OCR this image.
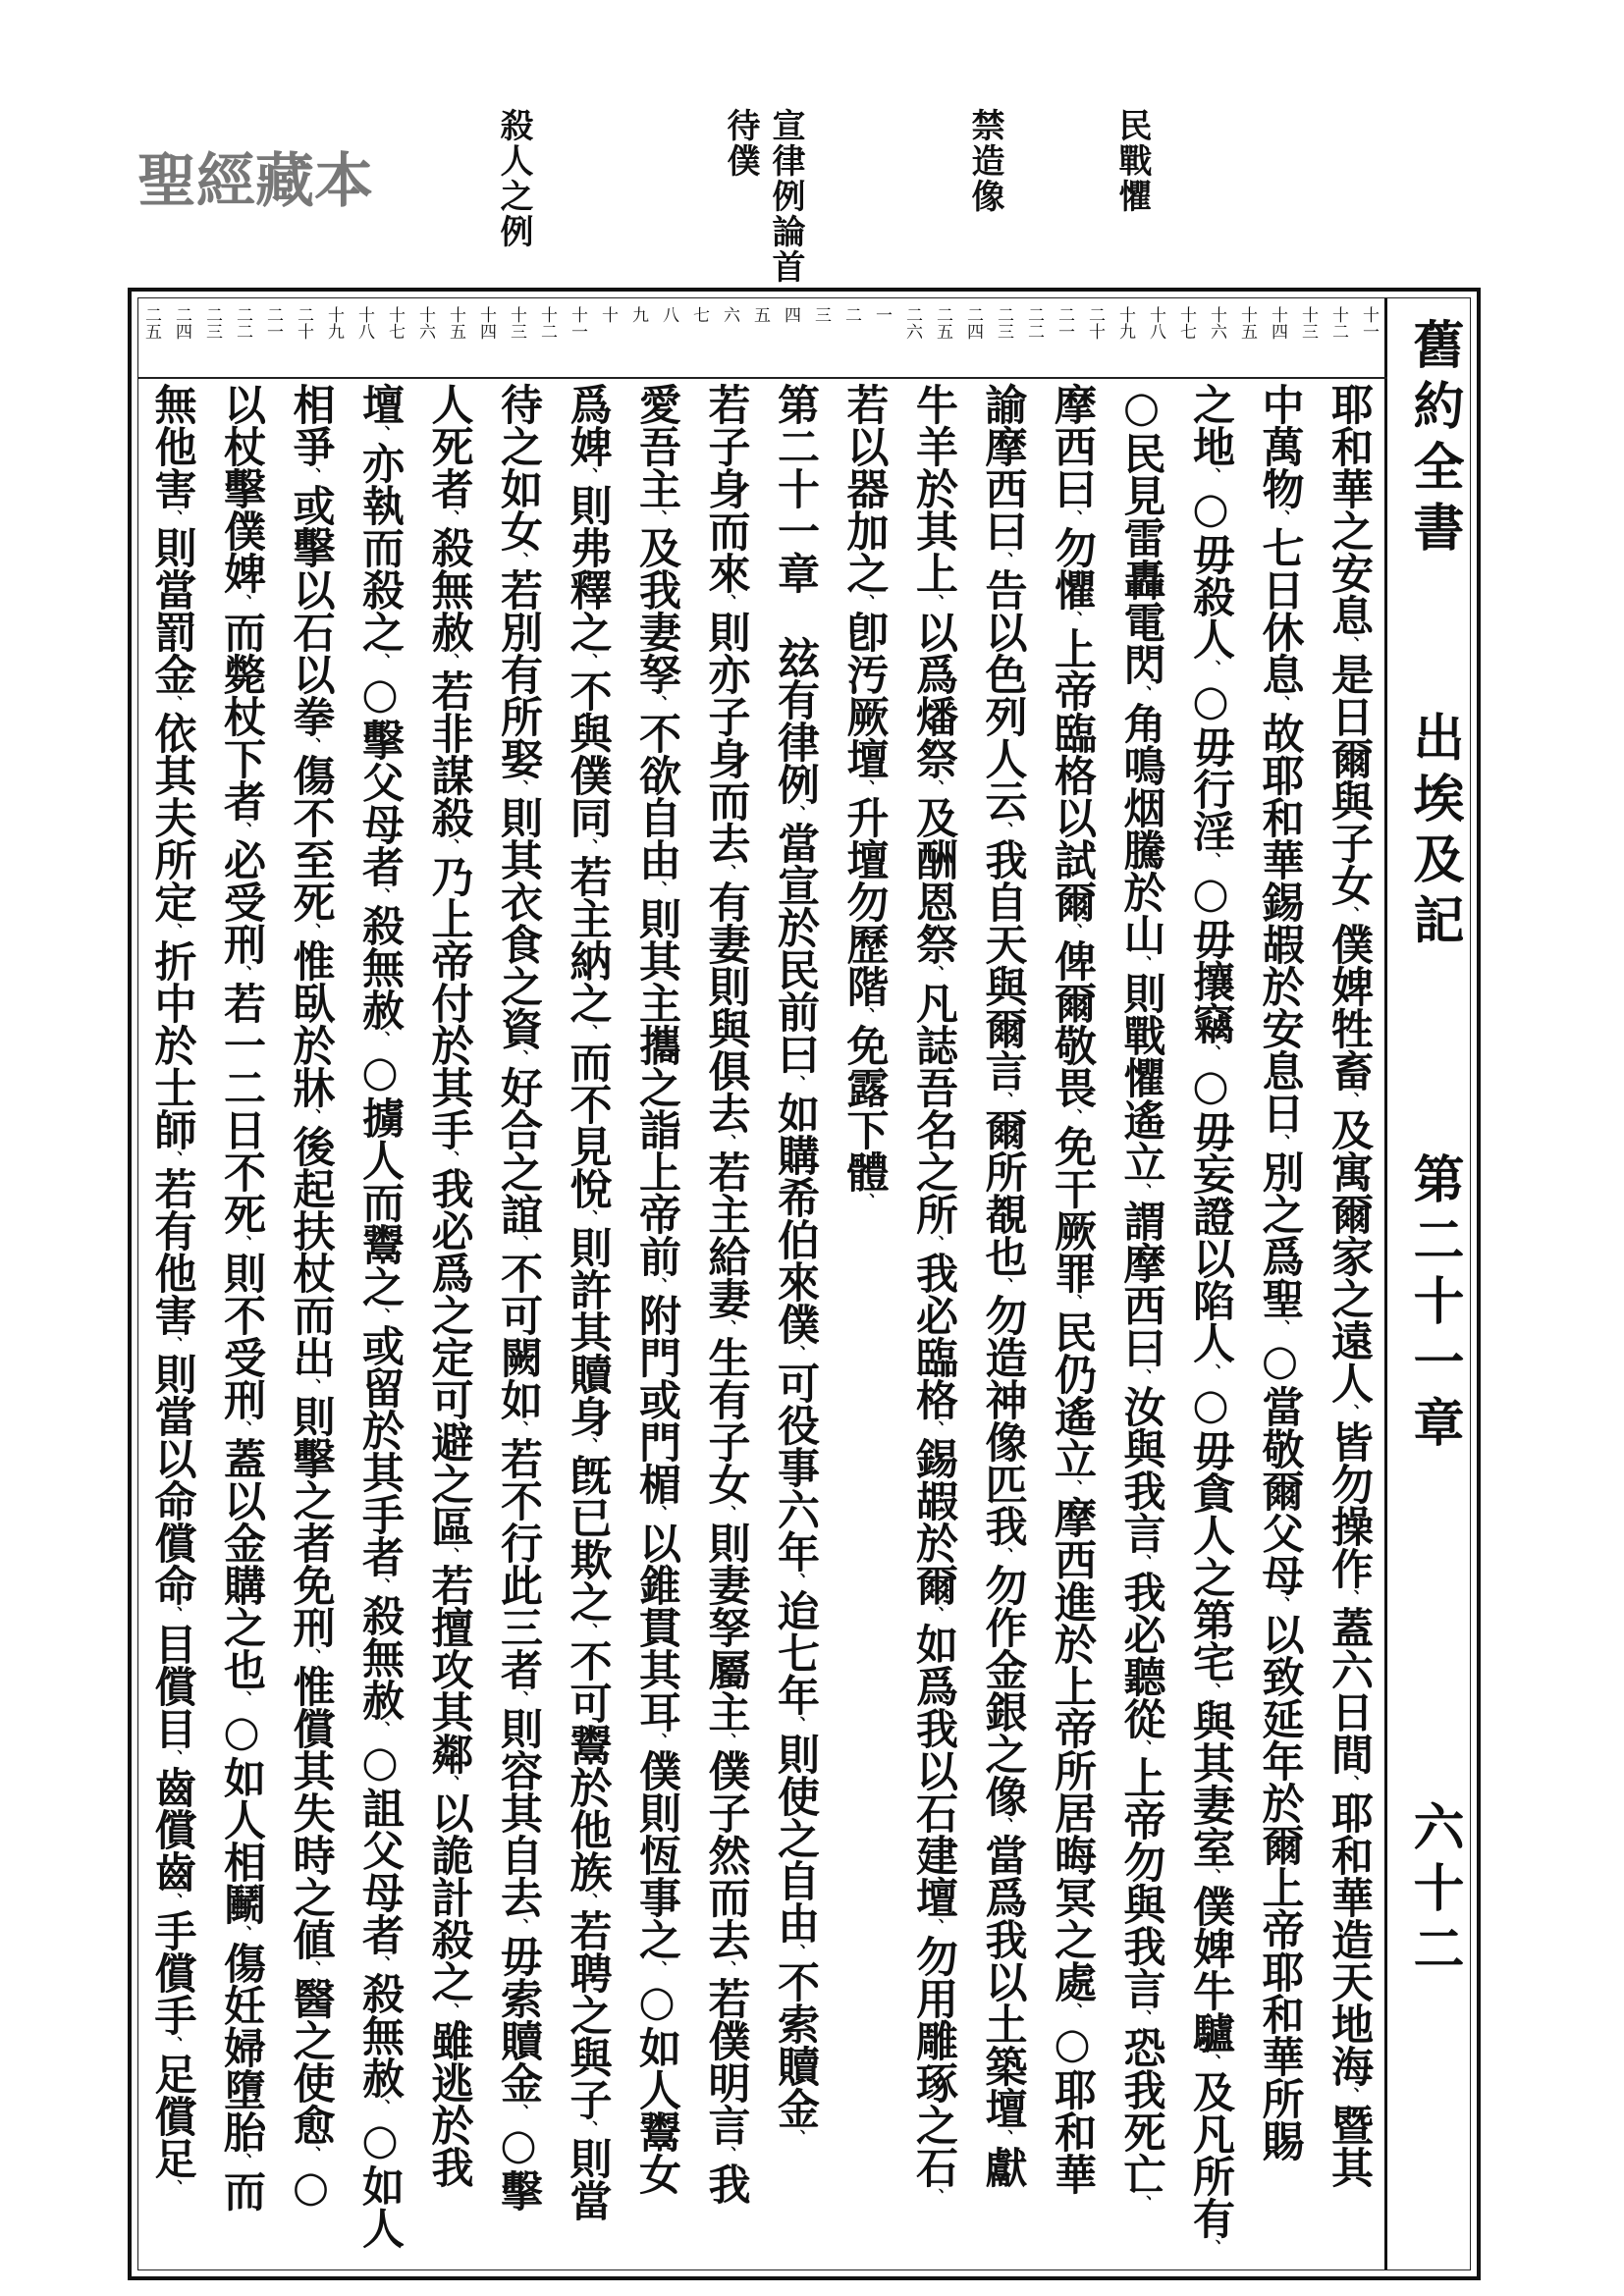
民戰懼
禁造像
宣律例論首
待僕
殺人之例
聖經藏本
舊約全書
出埃及記
第二十一章
六十二
十一
十二
十三
十四
十五
十六
十七
十八
十九
二十
二一
二二
二三
二四
二五
二六
一
二
三
四
五
六
七
八
九
十
十一
十二
十三
十四
十五
十六
十七
十八
十九
二十
二一
二二
二三
二四
二五
耶和華之安息、是日爾與子女、僕婢牲畜、及寓爾家之遠人、皆勿操作、蓋六日間、耶和華造天地海、暨其
中萬物、七日休息、故耶和華錫嘏於安息日、別之爲聖、○當敬爾父母、以致延年於爾上帝耶和華所賜
之地、○毋殺人、○毋行淫、○毋攘竊、○毋妄證以陷人、○毋貪人之第宅、與其妻室、僕婢牛驢、及凡所有、
○民見雷轟電閃、角鳴烟騰於山、則戰懼遙立、謂摩西曰、汝與我言、我必聽從、上帝勿與我言、恐我死亡、
摩西曰、勿懼、上帝臨格以試爾、俾爾敬畏、免干厥罪、民仍遙立、摩西進於上帝所居晦冥之處、○耶和華
諭摩西曰、告以色列人云、我自天與爾言、爾所覩也、勿造神像匹我、勿作金銀之像、當爲我以土築壇、獻
牛羊於其上、以爲燔祭、及酬恩祭、凡誌吾名之所、我必臨格、錫嘏於爾、如爲我以石建壇、勿用雕琢之石、
若以器加之、卽汚厥壇、升壇勿歷階、免露下體、
第二十一章　玆有律例、當宣於民前曰、如購希伯來僕、可役事六年、迨七年、則使之自由、不索贖金、
若子身而來、則亦子身而去、有妻則與俱去、若主給妻、生有子女、則妻孥屬主、僕子然而去、若僕明言、我
愛吾主、及我妻孥、不欲自由、則其主攜之詣上帝前、附門或門楣、以錐貫其耳、僕則恆事之、○如人鬻女
爲婢、則弗釋之、不與僕同、若主納之、而不見悅、則許其贖身、旣已欺之、不可鬻於他族、若聘之與子、則當
待之如女、若別有所娶、則其衣食之資、好合之誼、不可闕如、若不行此三者、則容其自去、毋索贖金、○擊
人死者、殺無赦、若非謀殺、乃上帝付於其手、我必爲之定可避之區、若擅攻其鄰、以詭計殺之、雖逃於我
壇、亦執而殺之、○擊父母者、殺無赦、○擄人而鬻之、或留於其手者、殺無赦、○詛父母者、殺無赦、○如人
相爭、或擊以石以拳、傷不至死、惟臥於牀、後起扶杖而出、則擊之者免刑、惟償其失時之値、醫之使愈、○
以杖擊僕婢、而斃杖下者、必受刑、若一二日不死、則不受刑、蓋以金購之也、○如人相鬭、傷妊婦墮胎、而
無他害、則當罰金、依其夫所定、折中於士師、若有他害、則當以命償命、目償目、齒償齒、手償手、足償足、
